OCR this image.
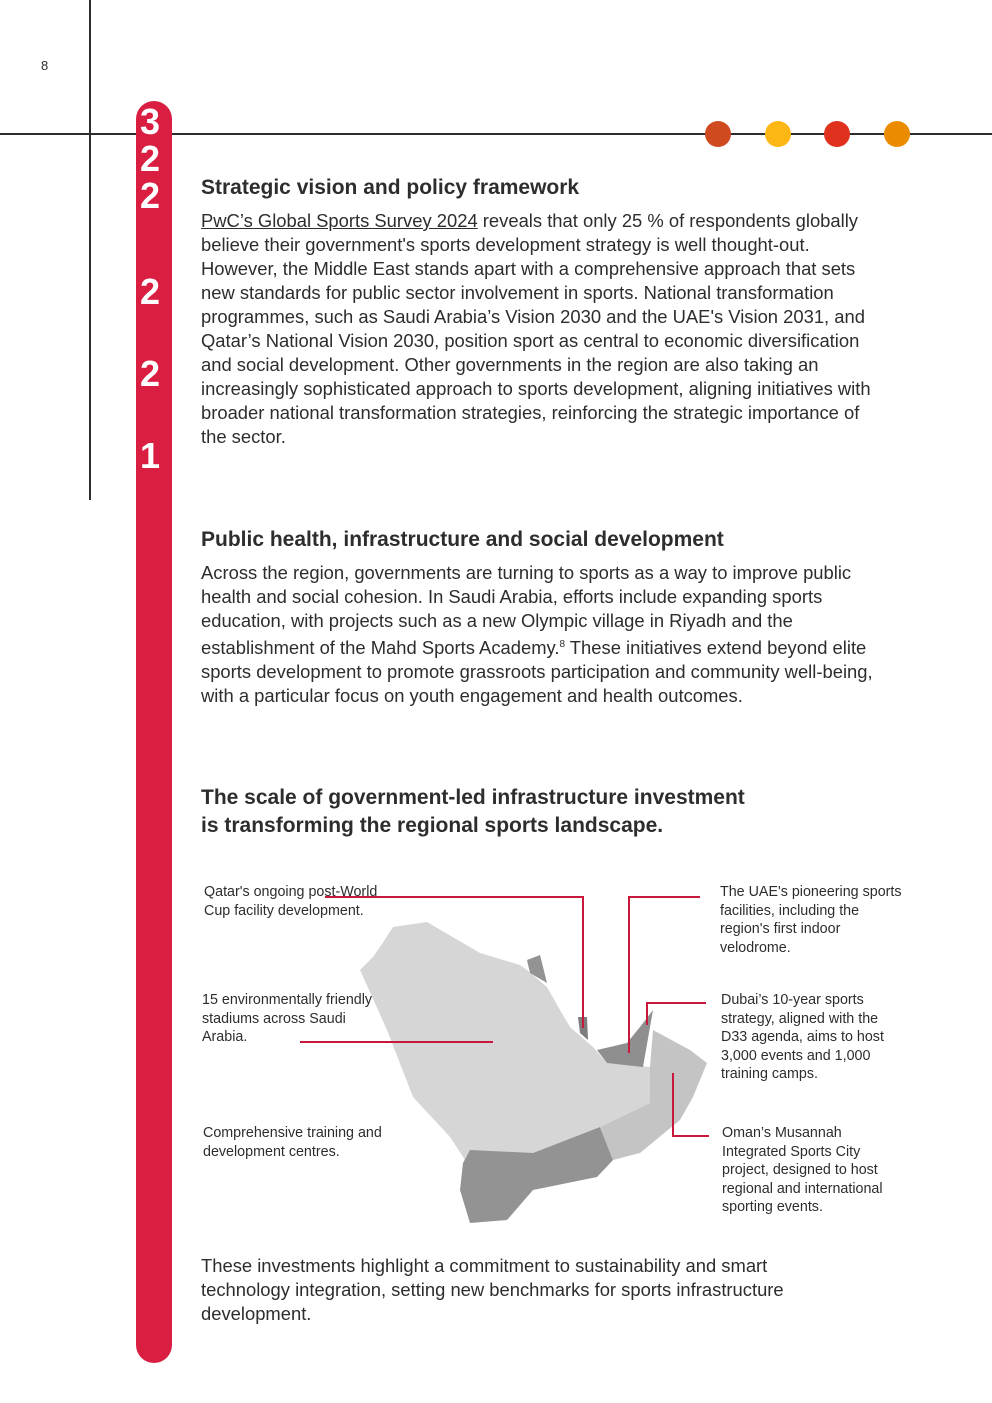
8
3
2
2
2
2
1
Strategic vision and policy framework

PwC’s Global Sports Survey 2024 reveals that only 25 % of respondents globally believe their government's sports development strategy is well thought-out. However, the Middle East stands apart with a comprehensive approach that sets new standards for public sector involvement in sports. National transformation programmes, such as Saudi Arabia’s Vision 2030 and the UAE's Vision 2031, and Qatar’s National Vision 2030, position sport as central to economic diversification and social development. Other governments in the region are also taking an increasingly sophisticated approach to sports development, aligning initiatives with broader national transformation strategies, reinforcing the strategic importance of the sector.

Public health, infrastructure and social development

Across the region, governments are turning to sports as a way to improve public health and social cohesion. In Saudi Arabia, efforts include expanding sports education, with projects such as a new Olympic village in Riyadh and the establishment of the Mahd Sports Academy.$^8$ These initiatives extend beyond elite sports development to promote grassroots participation and community well-being, with a particular focus on youth engagement and health outcomes.

The scale of government-led infrastructure investment
is transforming the regional sports landscape.
Qatar's ongoing post-World Cup facility development.
15 environmentally friendly stadiums across Saudi Arabia.
Comprehensive training and development centres.
The UAE's pioneering sports facilities, including the region's first indoor velodrome.
Dubai’s 10-year sports strategy, aligned with the D33 agenda, aims to host 3,000 events and 1,000 training camps.
Oman’s Musannah Integrated Sports City project, designed to host regional and international sporting events.

These investments highlight a commitment to sustainability and smart technology integration, setting new benchmarks for sports infrastructure development.
